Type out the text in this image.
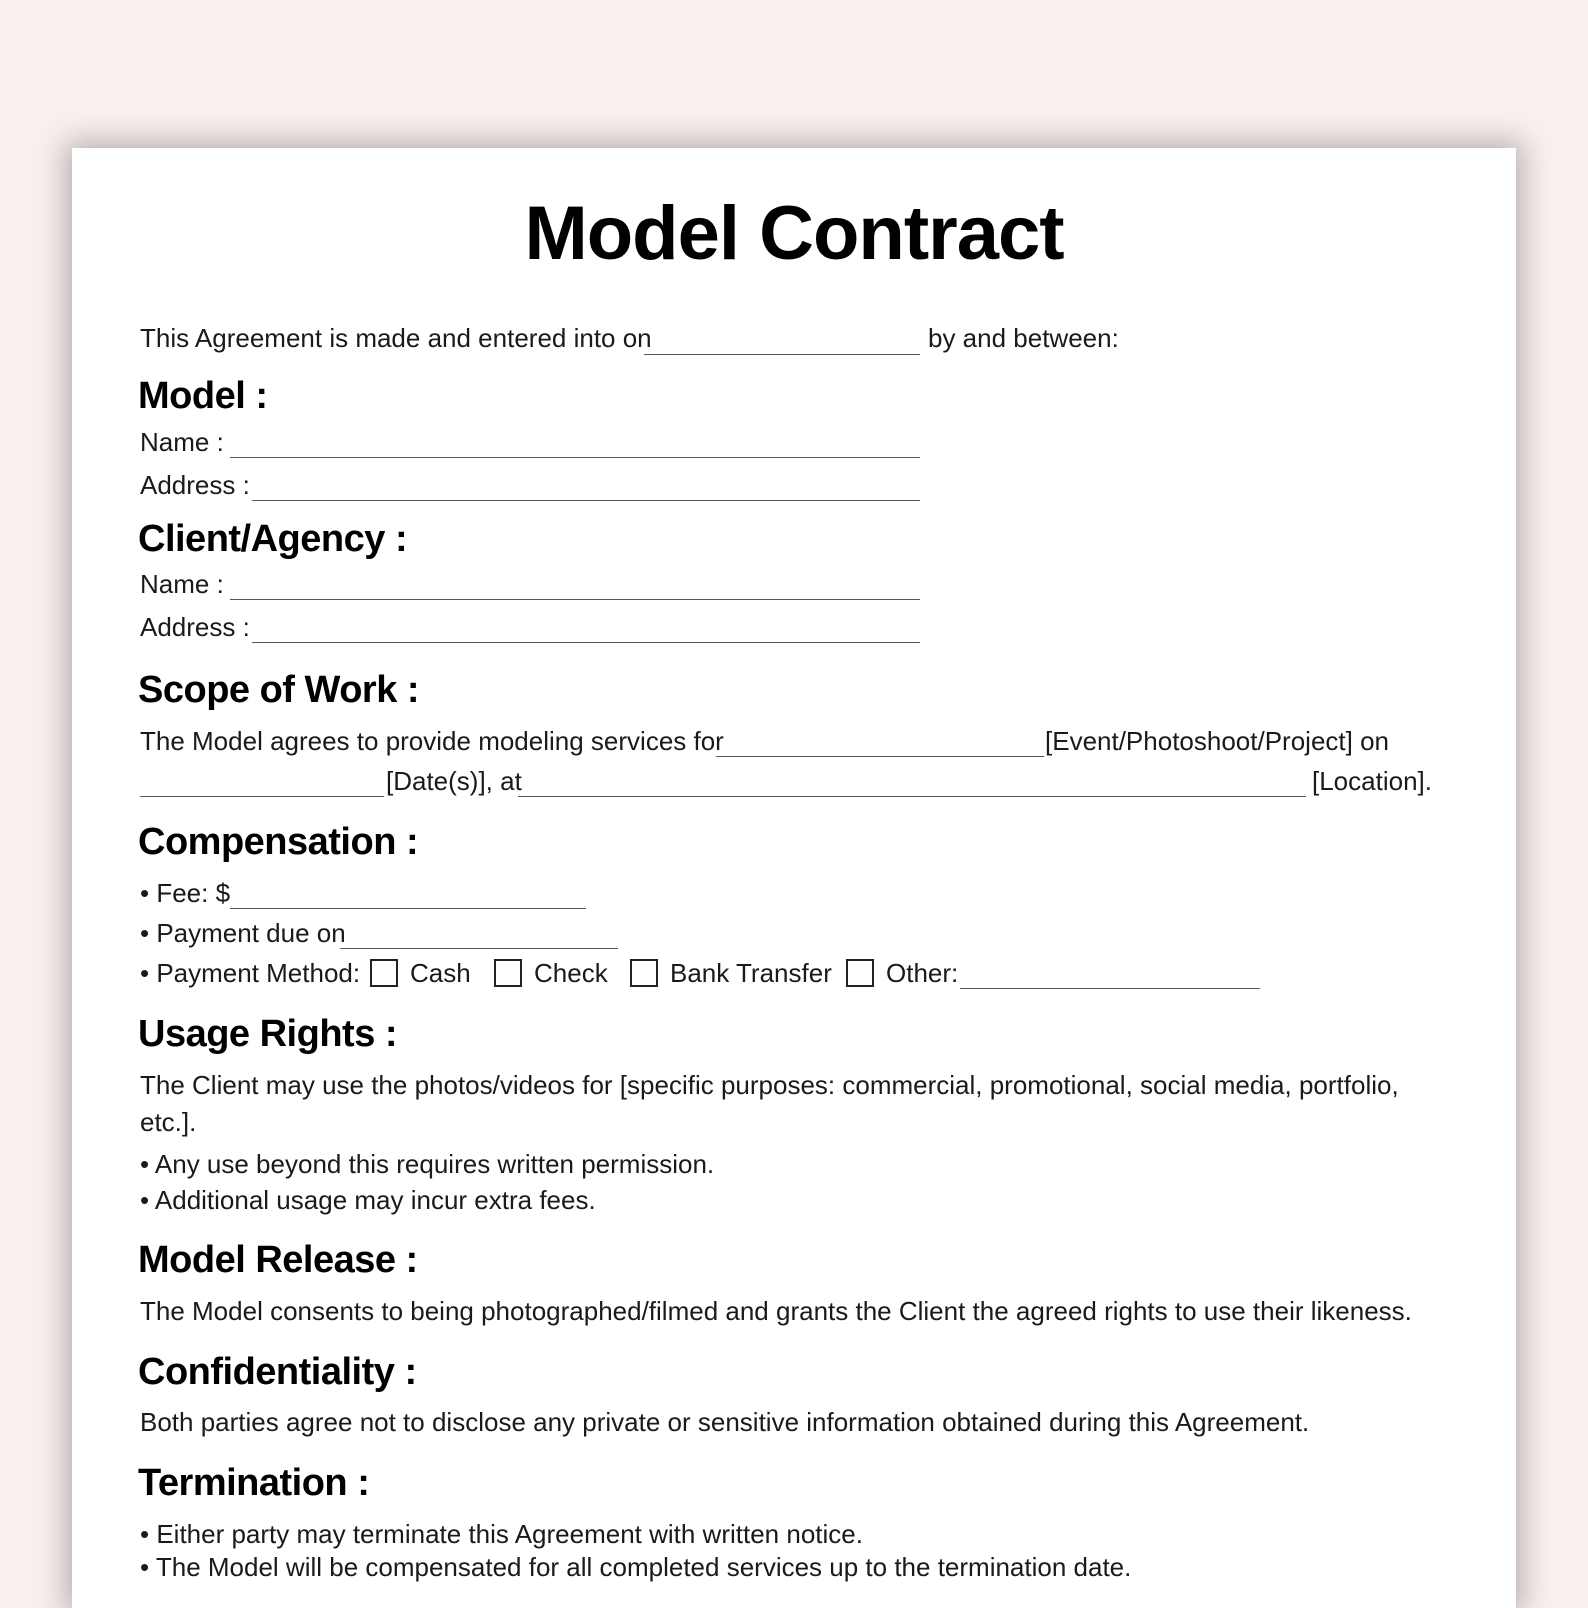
Model Contract
This Agreement is made and entered into on	by and between:
Model :
Name :
Address :
Client/Agency :
Name :
Address :
Scope of Work :
The Model agrees to provide modeling services for	[Event/Photoshoot/Project] on
[Date(s)], at	[Location].
Compensation :
• Fee: $
• Payment due on
• Payment Method: Cash Check Bank Transfer Other:
Usage Rights :
The Client may use the photos/videos for [specific purposes: commercial, promotional, social media, portfolio,
etc.].
• Any use beyond this requires written permission.
• Additional usage may incur extra fees.
Model Release :
The Model consents to being photographed/filmed and grants the Client the agreed rights to use their likeness.
Confidentiality :
Both parties agree not to disclose any private or sensitive information obtained during this Agreement.
Termination :
• Either party may terminate this Agreement with written notice.
• The Model will be compensated for all completed services up to the termination date.
